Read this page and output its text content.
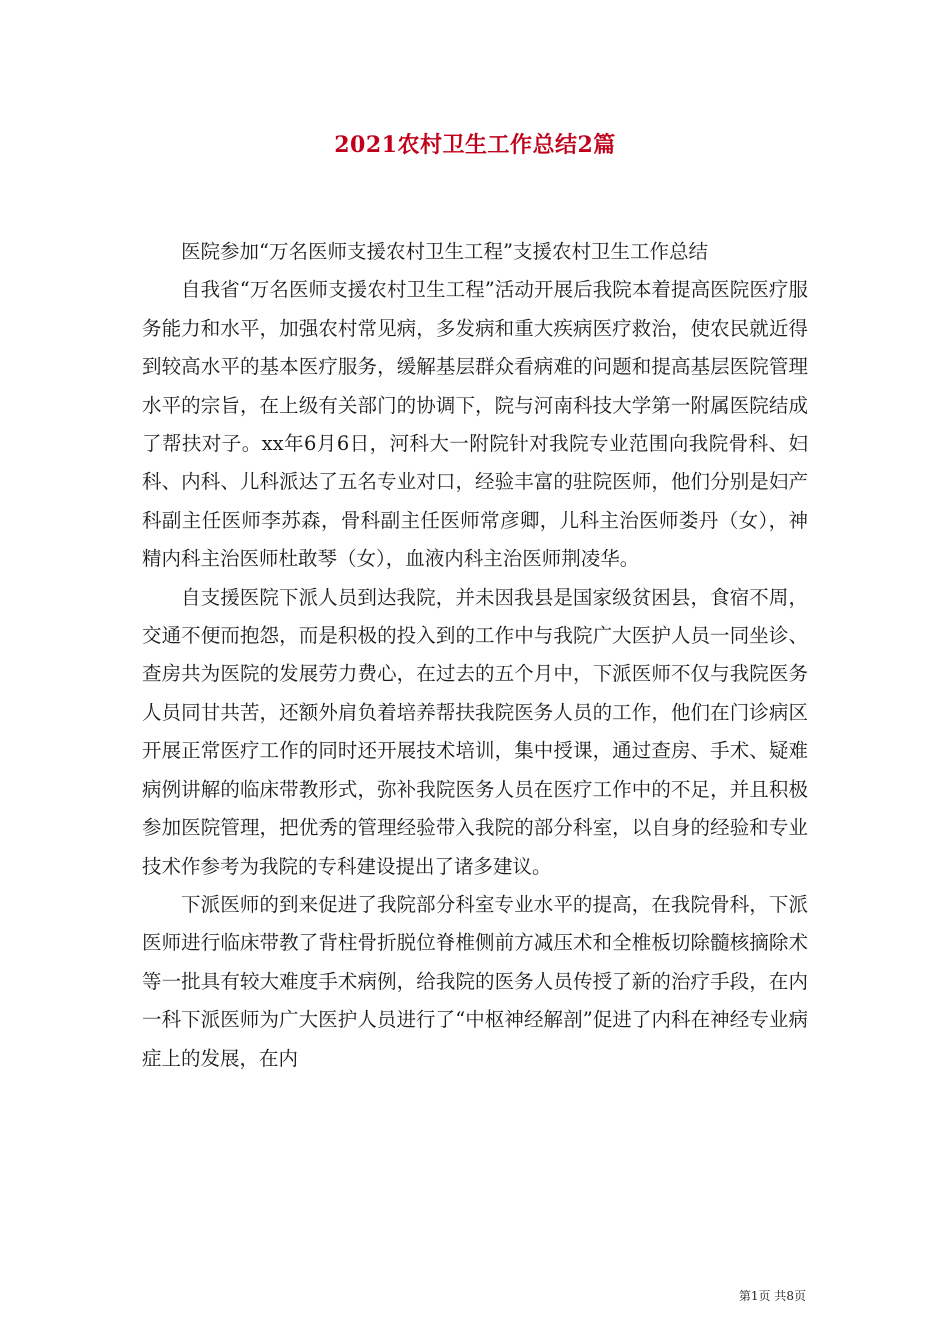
2021农村卫生工作总结2篇

医院参加“万名医师支援农村卫生工程”支援农村卫生工作总结

自我省“万名医师支援农村卫生工程”活动开展后我院本着提高医院医疗服务能力和水平，加强农村常见病，多发病和重大疾病医疗救治，使农民就近得到较高水平的基本医疗服务，缓解基层群众看病难的问题和提高基层医院管理水平的宗旨，在上级有关部门的协调下，院与河南科技大学第一附属医院结成了帮扶对子。xx年6月6日，河科大一附院针对我院专业范围向我院骨科、妇科、内科、儿科派达了五名专业对口，经验丰富的驻院医师，他们分别是妇产科副主任医师李苏森，骨科副主任医师常彦卿，儿科主治医师娄丹（女），神精内科主治医师杜敢琴（女），血液内科主治医师荆凌华。

自支援医院下派人员到达我院，并未因我县是国家级贫困县，食宿不周，交通不便而抱怨，而是积极的投入到的工作中与我院广大医护人员一同坐诊、查房共为医院的发展劳力费心，在过去的五个月中，下派医师不仅与我院医务人员同甘共苦，还额外肩负着培养帮扶我院医务人员的工作，他们在门诊病区开展正常医疗工作的同时还开展技术培训，集中授课，通过查房、手术、疑难病例讲解的临床带教形式，弥补我院医务人员在医疗工作中的不足，并且积极参加医院管理，把优秀的管理经验带入我院的部分科室，以自身的经验和专业技术作参考为我院的专科建设提出了诸多建议。

下派医师的到来促进了我院部分科室专业水平的提高，在我院骨科，下派医师进行临床带教了背柱骨折脱位脊椎侧前方减压术和全椎板切除髓核摘除术等一批具有较大难度手术病例，给我院的医务人员传授了新的治疗手段，在内一科下派医师为广大医护人员进行了“中枢神经解剖”促进了内科在神经专业病症上的发展，在内

第1页 共8页
